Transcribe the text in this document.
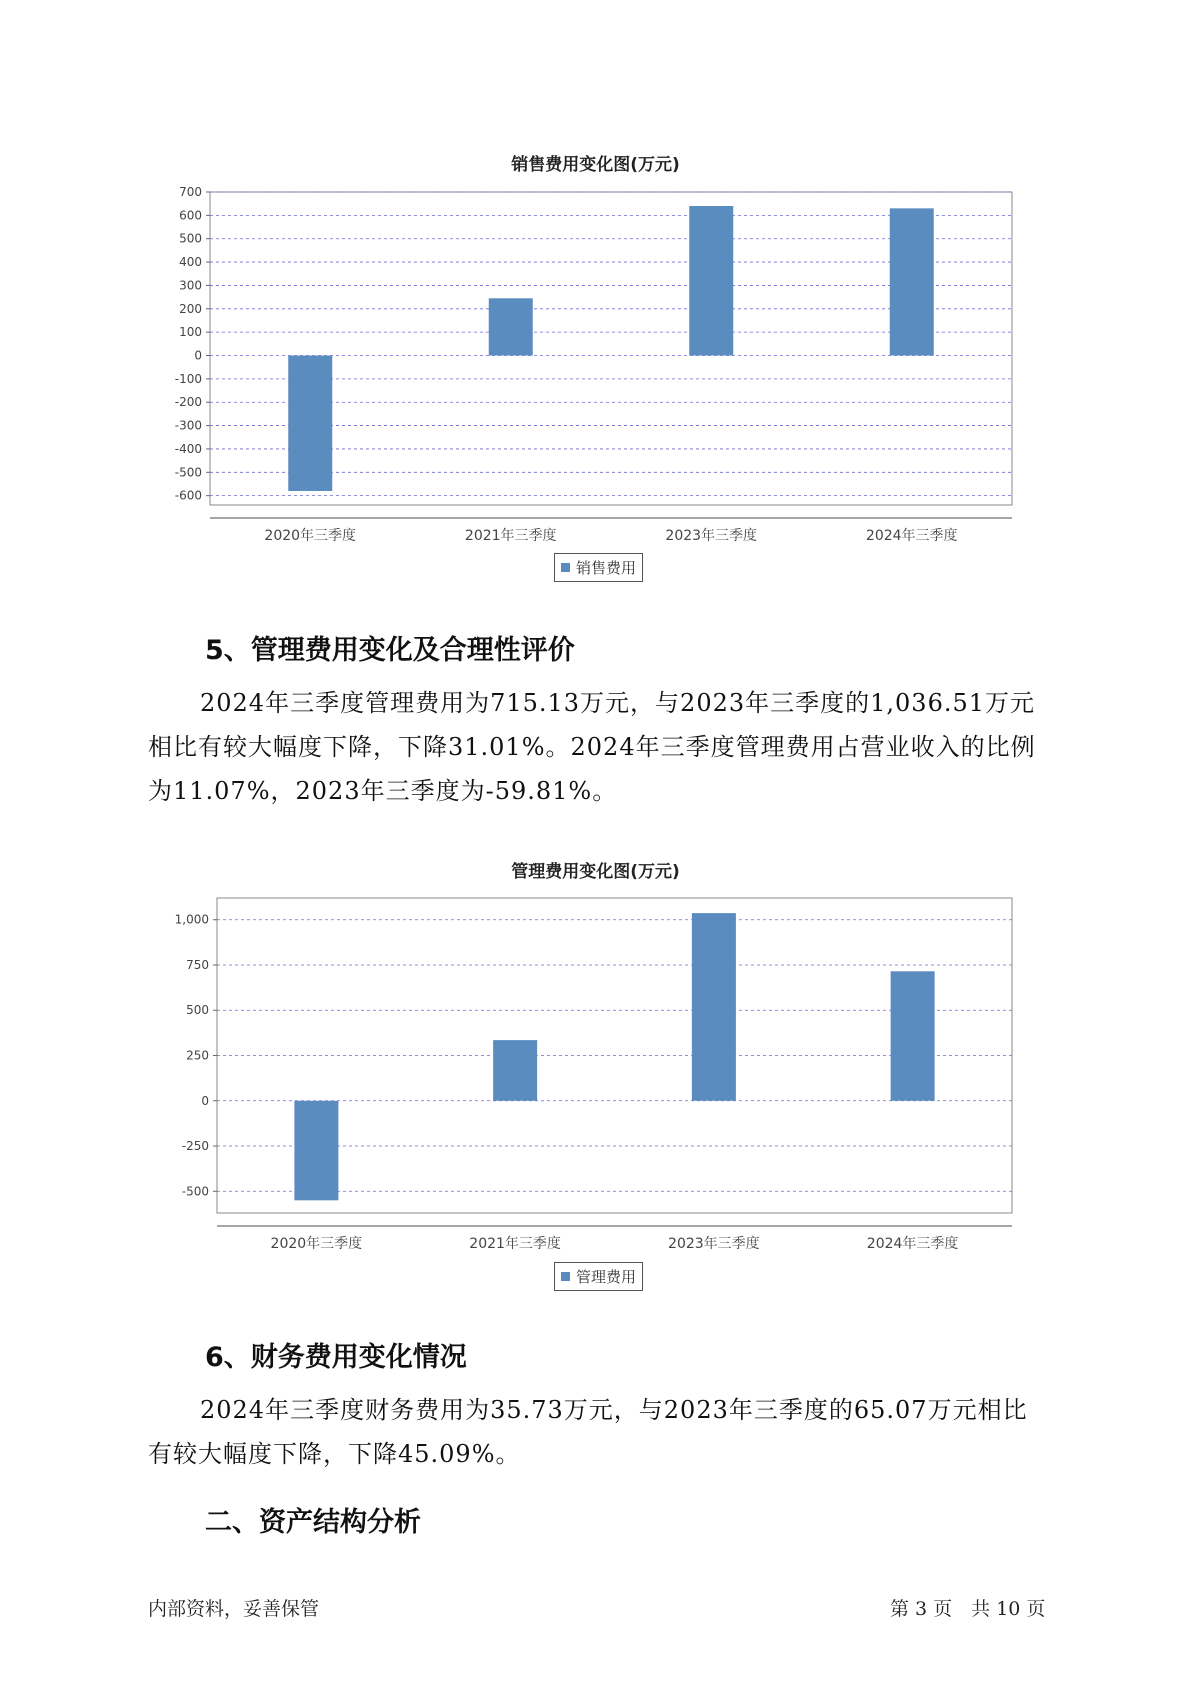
销售费用变化图(万元)
700
600
500
400
300
200
100
0
-100
-200
-300
-400
-500
-600
2020年三季度	2021年三季度	2023年三季度	2024年三季度
销售费用
5、管理费用变化及合理性评价

2024年三季度管理费用为715.13万元，与2023年三季度的1,036.51万元相比有较大幅度下降，下降31.01%。2024年三季度管理费用占营业收入的比例为11.07%，2023年三季度为-59.81%。

管理费用变化图(万元)
1,000
750
500
250
0
-250
-500
2020年三季度	2021年三季度	2023年三季度	2024年三季度
管理费用
6、财务费用变化情况

2024年三季度财务费用为35.73万元，与2023年三季度的65.07万元相比有较大幅度下降，下降45.09%。

二、资产结构分析
内部资料，妥善保管	第 3 页　共 10 页
